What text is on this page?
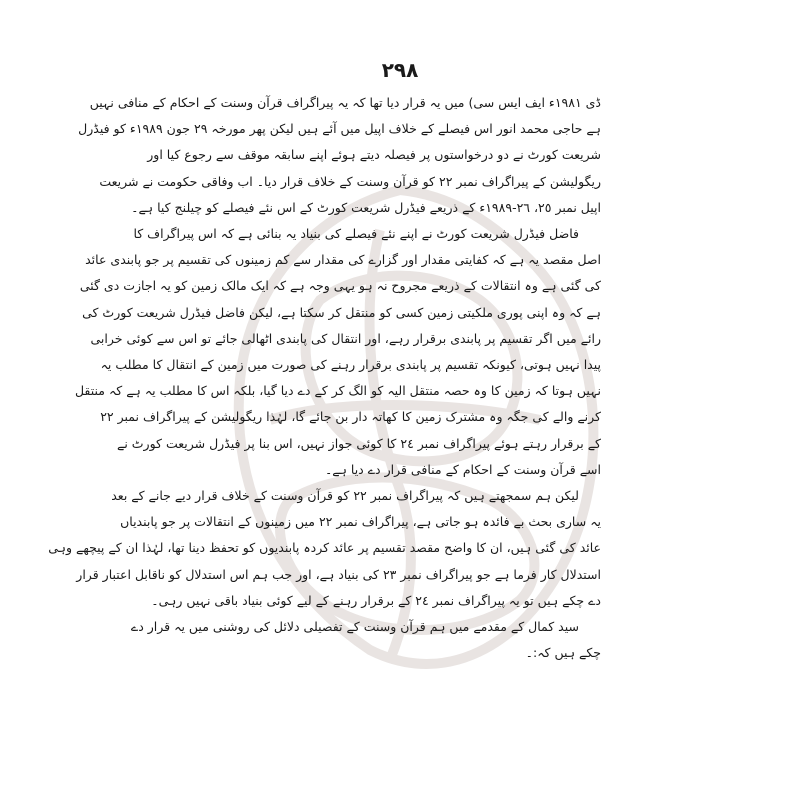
٢٩٨
ڈی ١٩٨١ء ایف ایس سی) میں یہ قرار دیا تھا کہ یہ پیراگراف قرآن وسنت کے احکام کے منافی نہیں
ہے حاجی محمد انور اس فیصلے کے خلاف اپیل میں آئے ہیں لیکن پھر مورخہ ٢٩ جون ١٩٨٩ء کو فیڈرل
شریعت کورٹ نے دو درخواستوں پر فیصلہ دیتے ہوئے اپنے سابقہ موقف سے رجوع کیا اور
ریگولیشن کے پیراگراف نمبر ٢٢ کو قرآن وسنت کے خلاف قرار دیا۔ اب وفاقی حکومت نے شریعت
اپیل نمبر ٢٥، ٢٦-١٩٨٩ء کے ذریعے فیڈرل شریعت کورٹ کے اس نئے فیصلے کو چیلنج کیا ہے۔
فاضل فیڈرل شریعت کورٹ نے اپنے نئے فیصلے کی بنیاد یہ بنائی ہے کہ اس پیراگراف کا
اصل مقصد یہ ہے کہ کفایتی مقدار اور گزارے کی مقدار سے کم زمینوں کی تقسیم پر جو پابندی عائد
کی گئی ہے وہ انتقالات کے ذریعے مجروح نہ ہو یہی وجہ ہے کہ ایک مالک زمین کو یہ اجازت دی گئی
ہے کہ وہ اپنی پوری ملکیتی زمین کسی کو منتقل کر سکتا ہے، لیکن فاضل فیڈرل شریعت کورٹ کی
رائے میں اگر تقسیم پر پابندی برقرار رہے، اور انتقال کی پابندی اٹھالی جائے تو اس سے کوئی خرابی
پیدا نہیں ہوتی، کیونکہ تقسیم پر پابندی برقرار رہنے کی صورت میں زمین کے انتقال کا مطلب یہ
نہیں ہوتا کہ زمین کا وہ حصہ منتقل الیہ کو الگ کر کے دے دیا گیا، بلکہ اس کا مطلب یہ ہے کہ منتقل
کرنے والے کی جگہ وہ مشترک زمین کا کھاتہ دار بن جائے گا، لہٰذا ریگولیشن کے پیراگراف نمبر ٢٢
کے برقرار رہتے ہوئے پیراگراف نمبر ٢٤ کا کوئی جواز نہیں، اس بنا پر فیڈرل شریعت کورٹ نے
اسے قرآن وسنت کے احکام کے منافی قرار دے دیا ہے۔
لیکن ہم سمجھتے ہیں کہ پیراگراف نمبر ٢٢ کو قرآن وسنت کے خلاف قرار دیے جانے کے بعد
یہ ساری بحث بے فائدہ ہو جاتی ہے، پیراگراف نمبر ٢٢ میں زمینوں کے انتقالات پر جو پابندیاں
عائد کی گئی ہیں، ان کا واضح مقصد تقسیم پر عائد کردہ پابندیوں کو تحفظ دینا تھا، لہٰذا ان کے پیچھے وہی
استدلال کار فرما ہے جو پیراگراف نمبر ٢٣ کی بنیاد ہے، اور جب ہم اس استدلال کو ناقابل اعتبار قرار
دے چکے ہیں تو یہ پیراگراف نمبر ٢٤ کے برقرار رہنے کے لیے کوئی بنیاد باقی نہیں رہی۔
سید کمال کے مقدمے میں ہم قرآن وسنت کے تفصیلی دلائل کی روشنی میں یہ قرار دے
چکے ہیں کہ:۔
